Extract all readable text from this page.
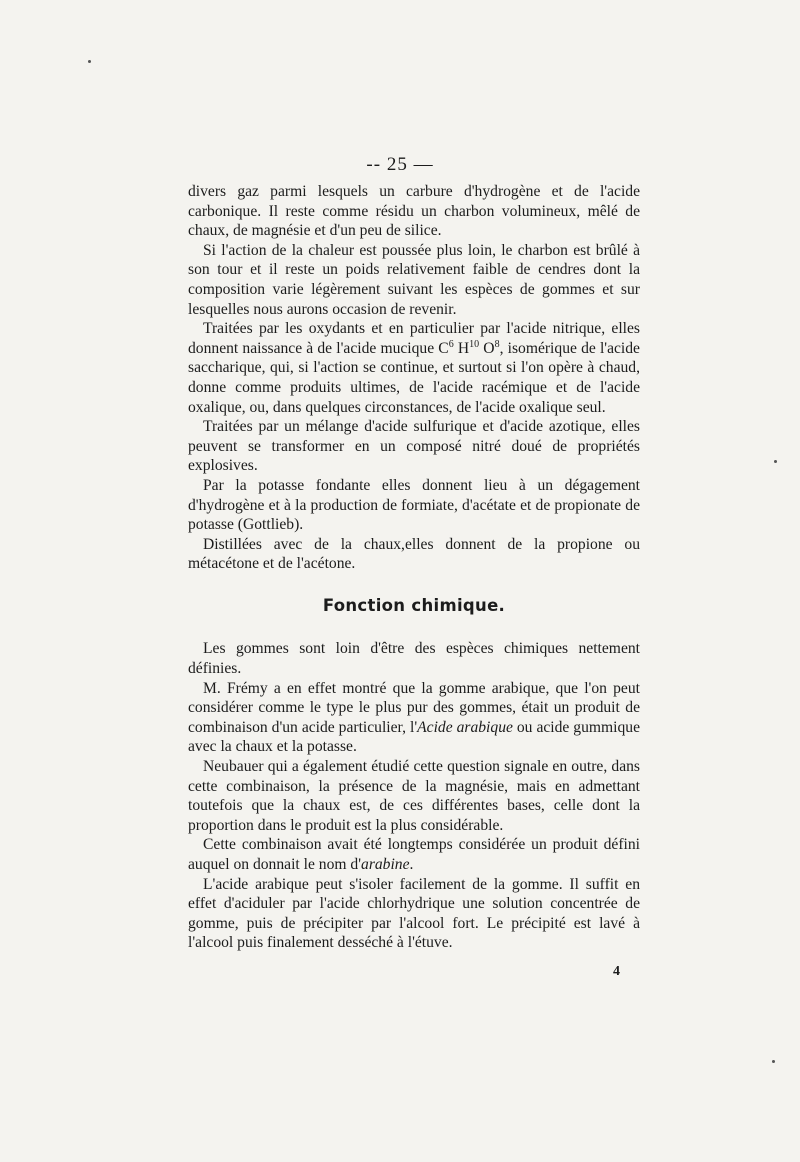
-- 25 —

divers gaz parmi lesquels un carbure d'hydrogène et de l'acide carbonique. Il reste comme résidu un charbon volumineux, mêlé de chaux, de magnésie et d'un peu de silice.

Si l'action de la chaleur est poussée plus loin, le charbon est brûlé à son tour et il reste un poids relativement faible de cendres dont la composition varie légèrement suivant les espèces de gommes et sur lesquelles nous aurons occasion de revenir.

Traitées par les oxydants et en particulier par l'acide nitrique, elles donnent naissance à de l'acide mucique $C^6$ $H^{10}$ $O^8$, isomérique de l'acide saccharique, qui, si l'action se continue, et surtout si l'on opère à chaud, donne comme produits ultimes, de l'acide racémique et de l'acide oxalique, ou, dans quelques circonstances, de l'acide oxalique seul.

Traitées par un mélange d'acide sulfurique et d'acide azotique, elles peuvent se transformer en un composé nitré doué de propriétés explosives.

Par la potasse fondante elles donnent lieu à un dégagement d'hydrogène et à la production de formiate, d'acétate et de propionate de potasse (Gottlieb).

Distillées avec de la chaux,elles donnent de la propione ou métacétone et de l'acétone.

Fonction chimique.

Les gommes sont loin d'être des espèces chimiques nettement définies.

M. Frémy a en effet montré que la gomme arabique, que l'on peut considérer comme le type le plus pur des gommes, était un produit de combinaison d'un acide particulier, l'Acide arabique ou acide gummique avec la chaux et la potasse.

Neubauer qui a également étudié cette question signale en outre, dans cette combinaison, la présence de la magnésie, mais en admettant toutefois que la chaux est, de ces différentes bases, celle dont la proportion dans le produit est la plus considérable.

Cette combinaison avait été longtemps considérée un produit défini auquel on donnait le nom d'arabine.

L'acide arabique peut s'isoler facilement de la gomme. Il suffit en effet d'aciduler par l'acide chlorhydrique une solution concentrée de gomme, puis de précipiter par l'alcool fort. Le précipité est lavé à l'alcool puis finalement desséché à l'étuve.

4
